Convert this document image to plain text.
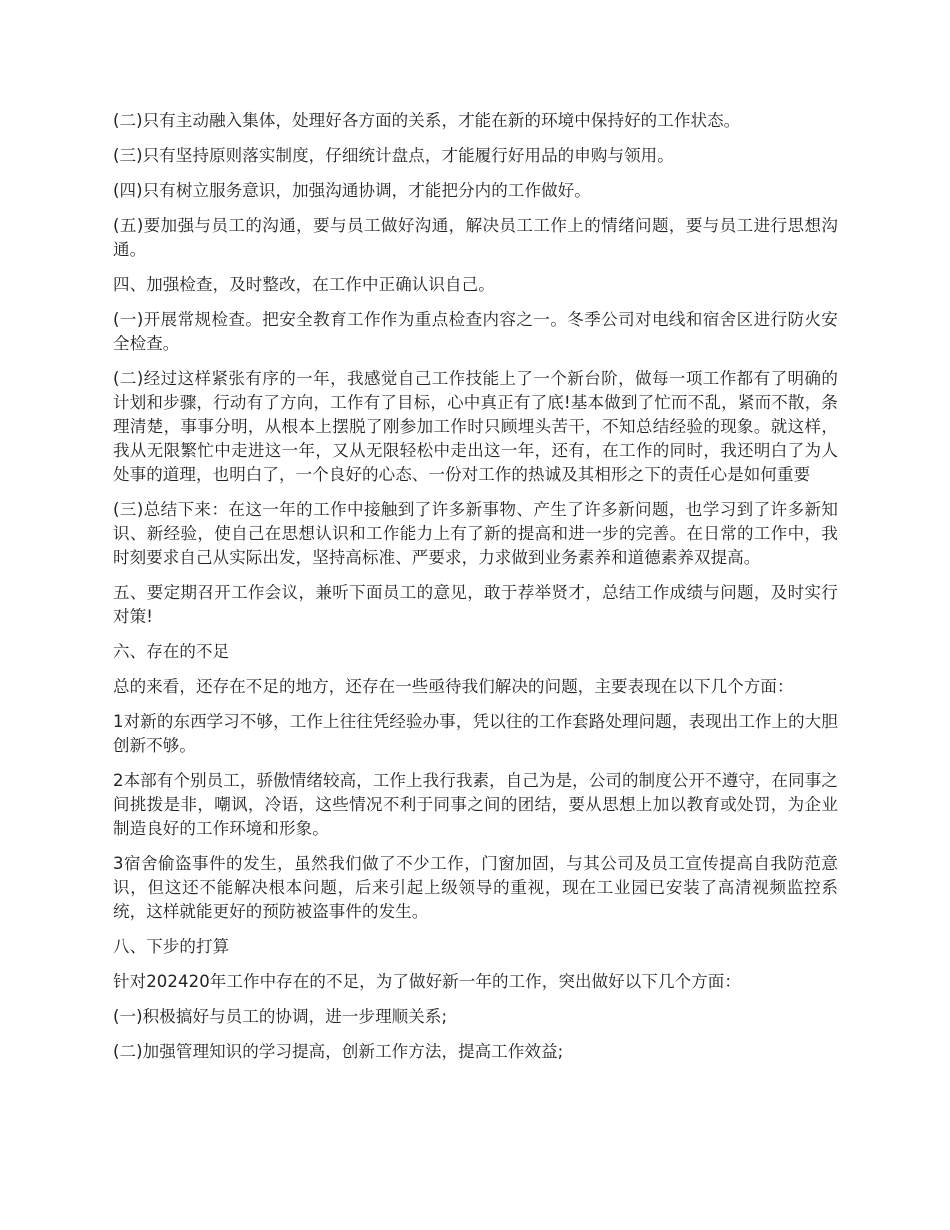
(二)只有主动融入集体，处理好各方面的关系，才能在新的环境中保持好的工作状态。

(三)只有坚持原则落实制度，仔细统计盘点，才能履行好用品的申购与领用。

(四)只有树立服务意识，加强沟通协调，才能把分内的工作做好。

(五)要加强与员工的沟通，要与员工做好沟通，解决员工工作上的情绪问题，要与员工进行思想沟通。

四、加强检查，及时整改，在工作中正确认识自己。

(一)开展常规检查。把安全教育工作作为重点检查内容之一。冬季公司对电线和宿舍区进行防火安全检查。

(二)经过这样紧张有序的一年，我感觉自己工作技能上了一个新台阶，做每一项工作都有了明确的计划和步骤，行动有了方向，工作有了目标，心中真正有了底!基本做到了忙而不乱，紧而不散，条理清楚，事事分明，从根本上摆脱了刚参加工作时只顾埋头苦干，不知总结经验的现象。就这样，我从无限繁忙中走进这一年，又从无限轻松中走出这一年，还有，在工作的同时，我还明白了为人处事的道理，也明白了，一个良好的心态、一份对工作的热诚及其相形之下的责任心是如何重要

(三)总结下来：在这一年的工作中接触到了许多新事物、产生了许多新问题，也学习到了许多新知识、新经验，使自己在思想认识和工作能力上有了新的提高和进一步的完善。在日常的工作中，我时刻要求自己从实际出发，坚持高标准、严要求，力求做到业务素养和道德素养双提高。

五、要定期召开工作会议，兼听下面员工的意见，敢于荐举贤才，总结工作成绩与问题，及时实行对策!

六、存在的不足

总的来看，还存在不足的地方，还存在一些亟待我们解决的问题，主要表现在以下几个方面：

1对新的东西学习不够，工作上往往凭经验办事，凭以往的工作套路处理问题，表现出工作上的大胆创新不够。

2本部有个别员工，骄傲情绪较高，工作上我行我素，自己为是，公司的制度公开不遵守，在同事之间挑拨是非，嘲讽，冷语，这些情况不利于同事之间的团结，要从思想上加以教育或处罚，为企业制造良好的工作环境和形象。

3宿舍偷盗事件的发生，虽然我们做了不少工作，门窗加固，与其公司及员工宣传提高自我防范意识，但这还不能解决根本问题，后来引起上级领导的重视，现在工业园已安装了高清视频监控系统，这样就能更好的预防被盗事件的发生。

八、下步的打算

针对202420年工作中存在的不足，为了做好新一年的工作，突出做好以下几个方面：

(一)积极搞好与员工的协调，进一步理顺关系;

(二)加强管理知识的学习提高，创新工作方法，提高工作效益;
